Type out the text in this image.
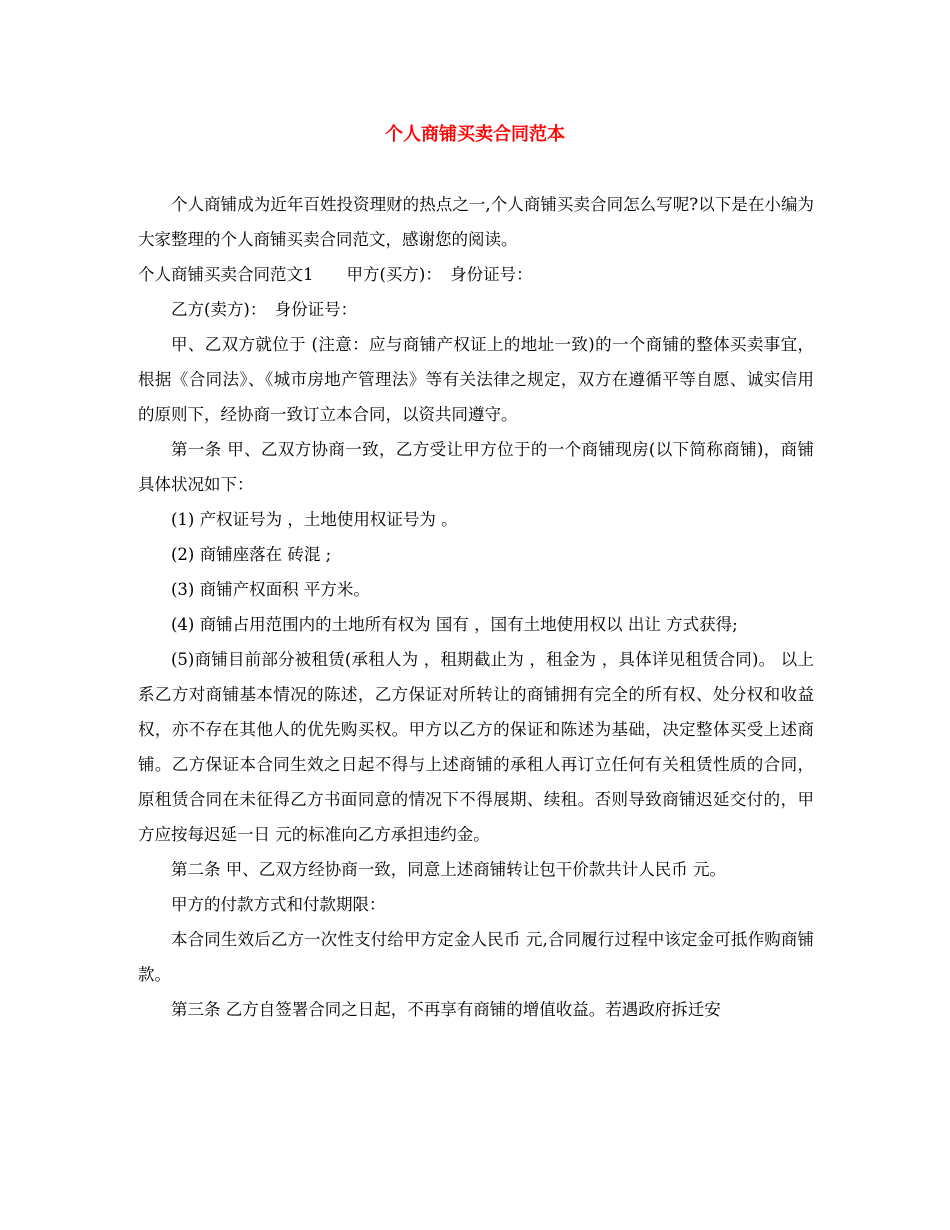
个人商铺买卖合同范本

个人商铺成为近年百姓投资理财的热点之一,个人商铺买卖合同怎么写呢?以下是在小编为大家整理的个人商铺买卖合同范文，感谢您的阅读。

个人商铺买卖合同范文1　　甲方(买方)：　身份证号：

乙方(卖方)：　身份证号：

甲、乙双方就位于 (注意：应与商铺产权证上的地址一致)的一个商铺的整体买卖事宜，根据《合同法》、《城市房地产管理法》等有关法律之规定，双方在遵循平等自愿、诚实信用的原则下，经协商一致订立本合同，以资共同遵守。

第一条 甲、乙双方协商一致，乙方受让甲方位于的一个商铺现房(以下简称商铺)，商铺具体状况如下：

(1) 产权证号为 ，土地使用权证号为 。

(2) 商铺座落在 砖混 ;

(3) 商铺产权面积 平方米。

(4) 商铺占用范围内的土地所有权为 国有 ，国有土地使用权以 出让 方式获得;

(5)商铺目前部分被租赁(承租人为 ，租期截止为 ，租金为 ，具体详见租赁合同)。 以上系乙方对商铺基本情况的陈述，乙方保证对所转让的商铺拥有完全的所有权、处分权和收益权，亦不存在其他人的优先购买权。甲方以乙方的保证和陈述为基础，决定整体买受上述商铺。乙方保证本合同生效之日起不得与上述商铺的承租人再订立任何有关租赁性质的合同，原租赁合同在未征得乙方书面同意的情况下不得展期、续租。否则导致商铺迟延交付的，甲方应按每迟延一日 元的标准向乙方承担违约金。

第二条 甲、乙双方经协商一致，同意上述商铺转让包干价款共计人民币 元。

甲方的付款方式和付款期限：

本合同生效后乙方一次性支付给甲方定金人民币 元,合同履行过程中该定金可抵作购商铺款。

第三条 乙方自签署合同之日起，不再享有商铺的增值收益。若遇政府拆迁安
